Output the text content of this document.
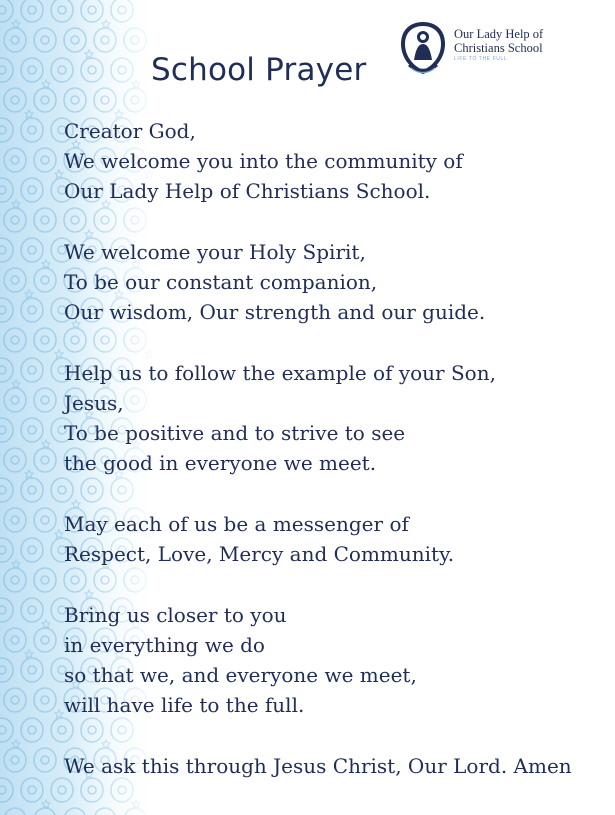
Our Lady Help of
Christians School
LIFE TO THE FULL
School Prayer
Creator God,
We welcome you into the community of
Our Lady Help of Christians School.
We welcome your Holy Spirit,
To be our constant companion,
Our wisdom, Our strength and our guide.
Help us to follow the example of your Son,
Jesus,
To be positive and to strive to see
the good in everyone we meet.
May each of us be a messenger of
Respect, Love, Mercy and Community.
Bring us closer to you
in everything we do
so that we, and everyone we meet,
will have life to the full.
We ask this through Jesus Christ, Our Lord. Amen
